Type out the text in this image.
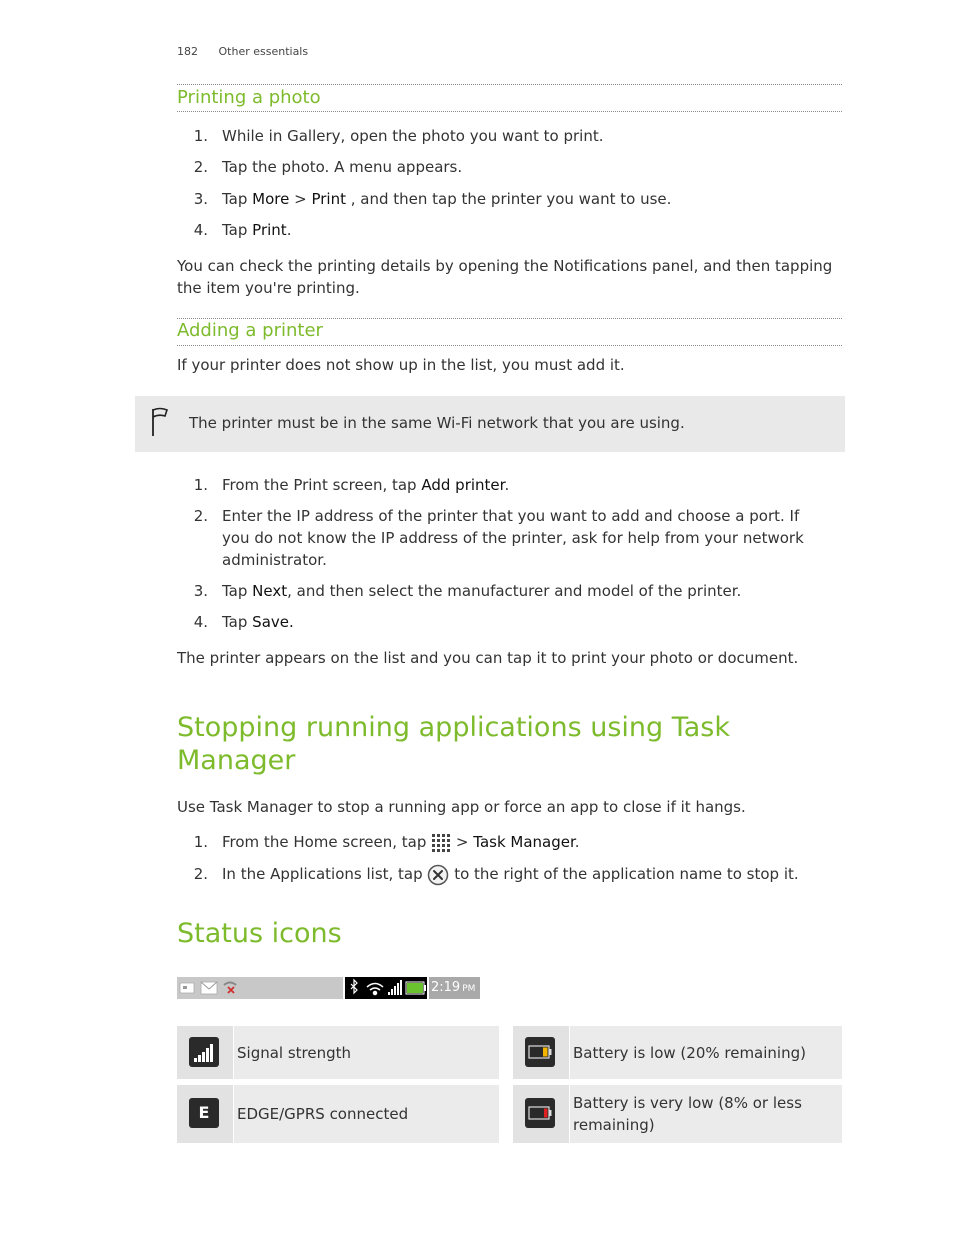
182 Other essentials
Printing a photo
1. While in Gallery, open the photo you want to print.
2. Tap the photo. A menu appears.
3. Tap More > Print , and then tap the printer you want to use.
4. Tap Print.
You can check the printing details by opening the Notifications panel, and then tapping the item you're printing.
Adding a printer
If your printer does not show up in the list, you must add it.
The printer must be in the same Wi-Fi network that you are using.
1. From the Print screen, tap Add printer.
2. Enter the IP address of the printer that you want to add and choose a port. If you do not know the IP address of the printer, ask for help from your network administrator.
3. Tap Next, and then select the manufacturer and model of the printer.
4. Tap Save.
The printer appears on the list and you can tap it to print your photo or document.
Stopping running applications using Task Manager
Use Task Manager to stop a running app or force an app to close if it hangs.
1. From the Home screen, tap  > Task Manager.
2. In the Applications list, tap  to the right of the application name to stop it.
Status icons
2:19 PM
Signal strength	Battery is low (20% remaining)
E	EDGE/GPRS connected
Battery is very low (8% or less remaining)
